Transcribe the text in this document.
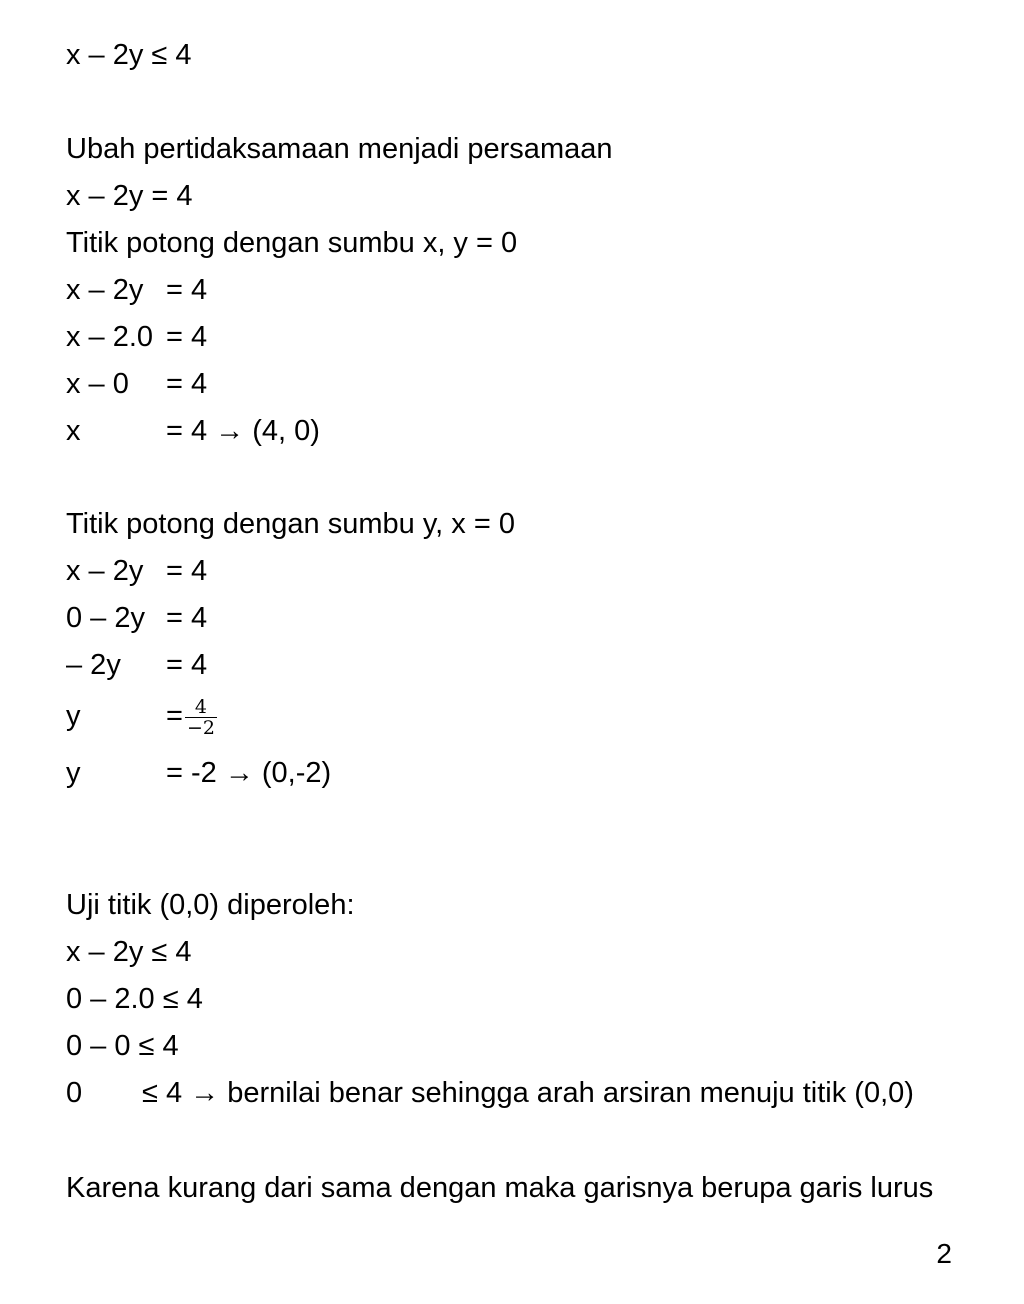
x – 2y ≤ 4
Ubah pertidaksamaan menjadi persamaan
x – 2y = 4
Titik potong dengan sumbu x, y = 0
x – 2y = 4
x – 2.0 = 4
x – 0 = 4
x	= 4 → (4, 0)
Titik potong dengan sumbu y, x = 0
x – 2y = 4
0 – 2y = 4
– 2y = 4
y	= $\frac{4}{-2}$
y	= -2 → (0,-2)
Uji titik (0,0) diperoleh:
x – 2y ≤ 4
0 – 2.0 ≤ 4
0 – 0 ≤ 4
0 ≤ 4 → bernilai benar sehingga arah arsiran menuju titik (0,0)
Karena kurang dari sama dengan maka garisnya berupa garis lurus
2
